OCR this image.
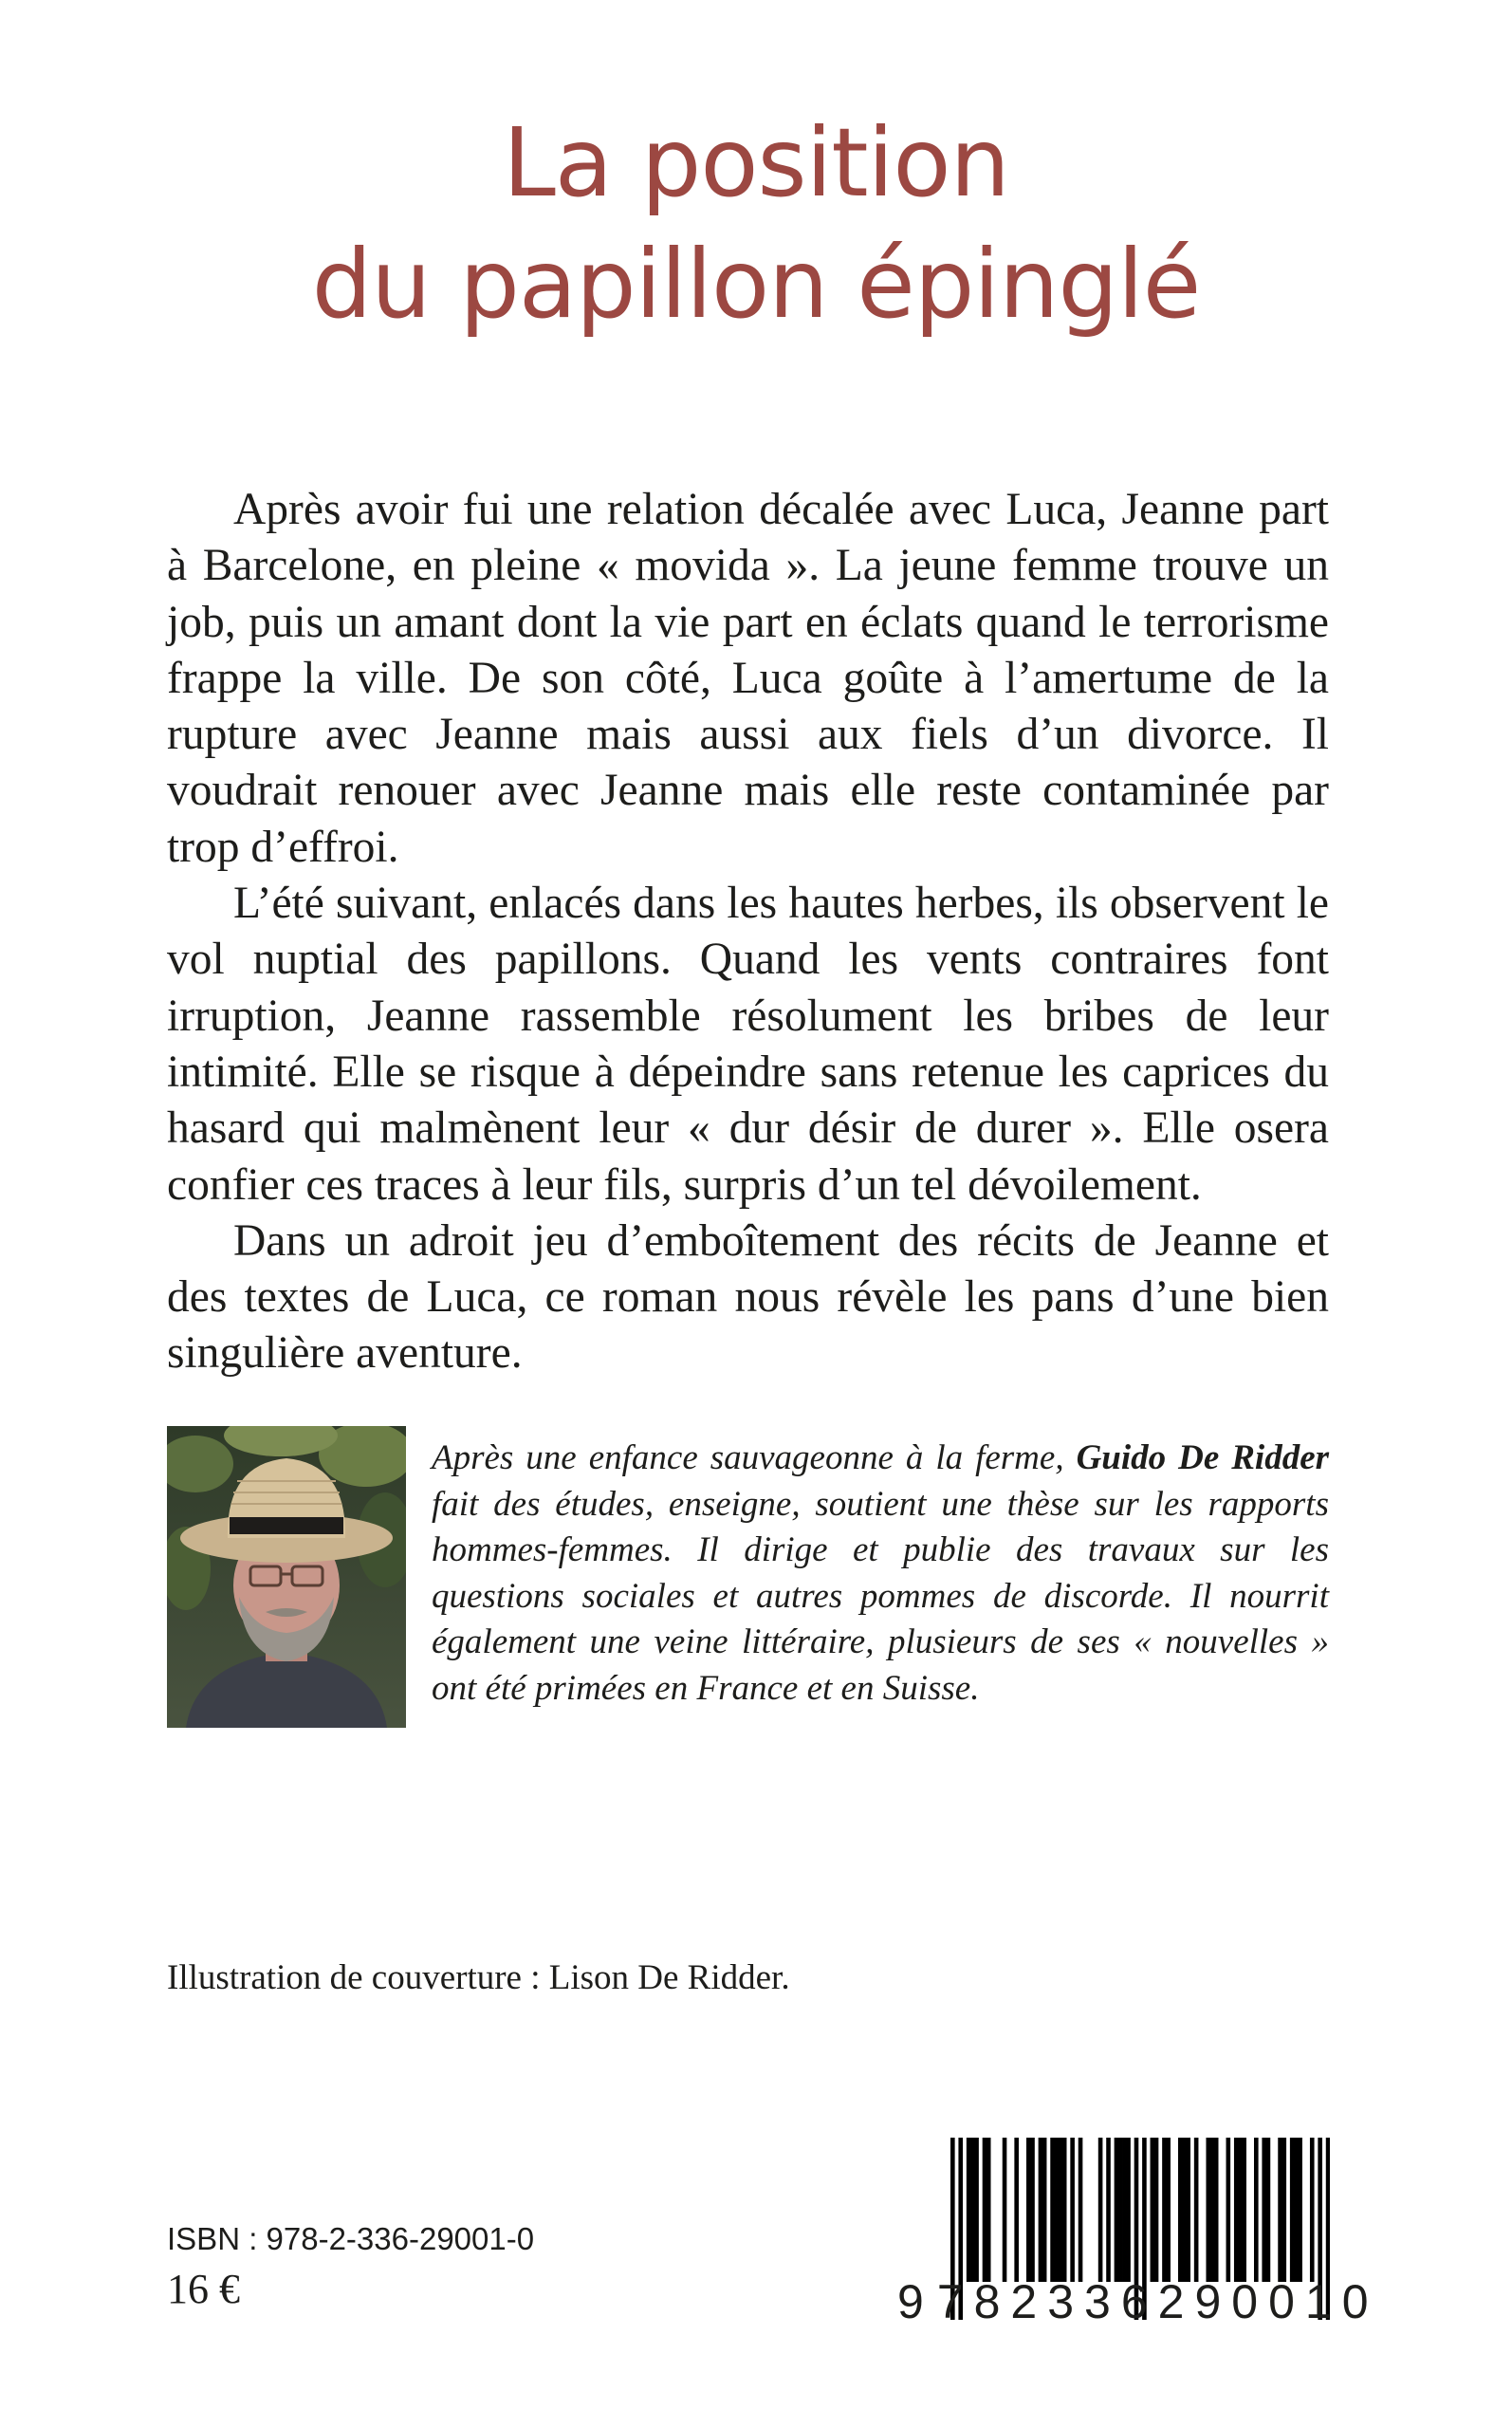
La position
du papillon épinglé

Après avoir fui une relation décalée avec Luca, Jeanne part à Barcelone, en pleine « movida ». La jeune femme trouve un job, puis un amant dont la vie part en éclats quand le terrorisme frappe la ville. De son côté, Luca goûte à l’amertume de la rupture avec Jeanne mais aussi aux fiels d’un divorce. Il voudrait renouer avec Jeanne mais elle reste contaminée par trop d’effroi.

L’été suivant, enlacés dans les hautes herbes, ils observent le vol nuptial des papillons. Quand les vents contraires font irruption, Jeanne rassemble résolument les bribes de leur intimité. Elle se risque à dépeindre sans retenue les caprices du hasard qui malmènent leur « dur désir de durer ». Elle osera confier ces traces à leur fils, surpris d’un tel dévoilement.

Dans un adroit jeu d’emboîtement des récits de Jeanne et des textes de Luca, ce roman nous révèle les pans d’une bien singulière aventure.

Après une enfance sauvageonne à la ferme, Guido De Ridder fait des études, enseigne, soutient une thèse sur les rapports hommes-femmes. Il dirige et publie des travaux sur les questions sociales et autres pommes de discorde. Il nourrit également une veine littéraire, plusieurs de ses « nouvelles » ont été primées en France et en Suisse.
Illustration de couverture : Lison De Ridder.
ISBN : 978-2-336-29001-0
16 €	9 782336 290010
